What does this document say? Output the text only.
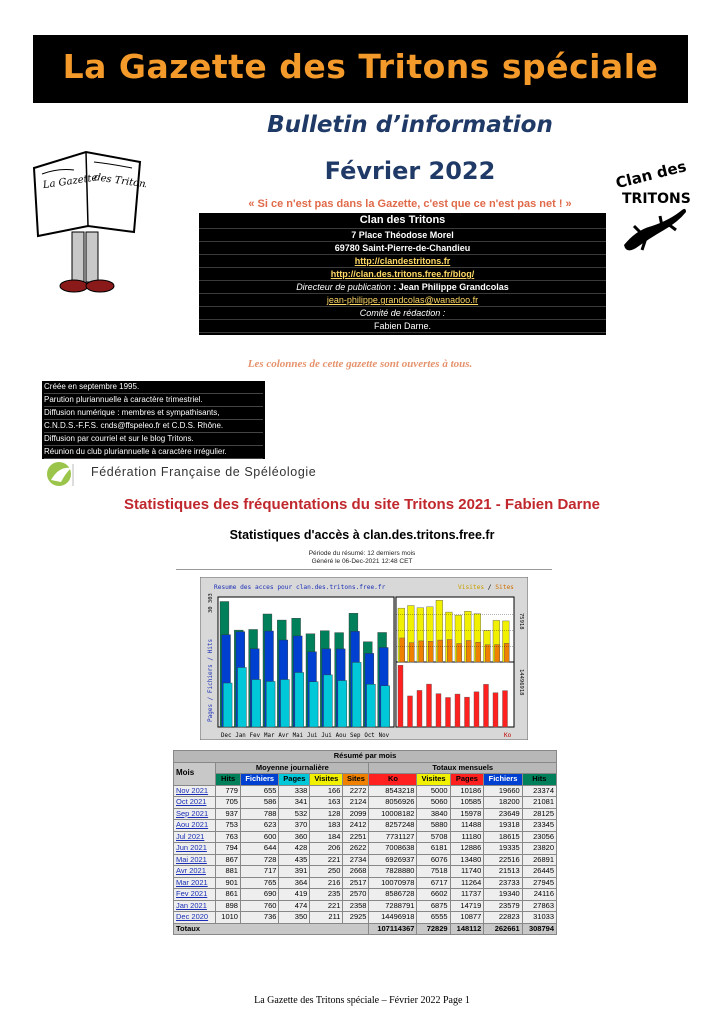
La Gazette des Tritons spéciale
La Gazette
des Tritons
Bulletin d’information
Février 2022	Clan des
TRITONS
« Si ce n'est pas dans la Gazette, c'est que ce n'est pas net ! »
Clan des Tritons
7 Place Théodose Morel
69780 Saint-Pierre-de-Chandieu
http://clandestritons.fr
http://clan.des.tritons.free.fr/blog/
Directeur de publication : Jean Philippe Grandcolas
jean-philippe.grandcolas@wanadoo.fr
Comité de rédaction :
Fabien Darne.
Les colonnes de cette gazette sont ouvertes à tous.
Créée en septembre 1995.
Parution pluriannuelle à caractère trimestriel.
Diffusion numérique : membres et sympathisants,
C.N.D.S.-F.F.S. cnds@ffspeleo.fr et C.D.S. Rhône.
Diffusion par courriel et sur le blog Tritons.
Réunion du club pluriannuelle à caractère irrégulier.
Fédération Française de Spéléologie
Statistiques des fréquentations du site Tritons 2021 - Fabien Darne
Statistiques d'accès à clan.des.tritons.free.fr
Période du résumé: 12 derniers mois
Généré le 06-Dec-2021 12:48 CET
Resume des acces pour clan.des.tritons.free.fr	Visites / Sites
30 303
Pages / Fichiers / Hits
75918
14496918
Ko
Dec Jan Fev Mar Avr Mai Jui Jui Aou Sep Oct Nov
Résumé par mois										
Mois	Moyenne journalière					Totaux mensuels				
	Hits	Fichiers	Pages	Visites	Sites	Ko	Visites	Pages	Fichiers	Hits
Nov 2021	779	655	338	166	2272	8543218	5000	10186	19660	23374
Oct 2021	705	586	341	163	2124	8056926	5060	10585	18200	21081
Sep 2021	937	788	532	128	2099	10008182	3840	15978	23649	28125
Aou 2021	753	623	370	183	2412	8257248	5880	11488	19318	23345
Jul 2021	763	600	360	184	2251	7731127	5708	11180	18615	23056
Jun 2021	794	644	428	206	2622	7008638	6181	12886	19335	23820
Mai 2021	867	728	435	221	2734	6926937	6076	13480	22516	26891
Avr 2021	881	717	391	250	2668	7828880	7518	11740	21513	26445
Mar 2021	901	765	364	216	2517	10070978	6717	11264	23733	27945
Fev 2021	861	690	419	235	2570	8586728	6602	11737	19340	24116
Jan 2021	898	760	474	221	2358	7288791	6875	14719	23579	27863
Dec 2020	1010	736	350	211	2925	14496918	6555	10877	22823	31033
Totaux						107114367	72829	148112	262661	308794
La Gazette des Tritons spéciale – Février 2022 Page 1
